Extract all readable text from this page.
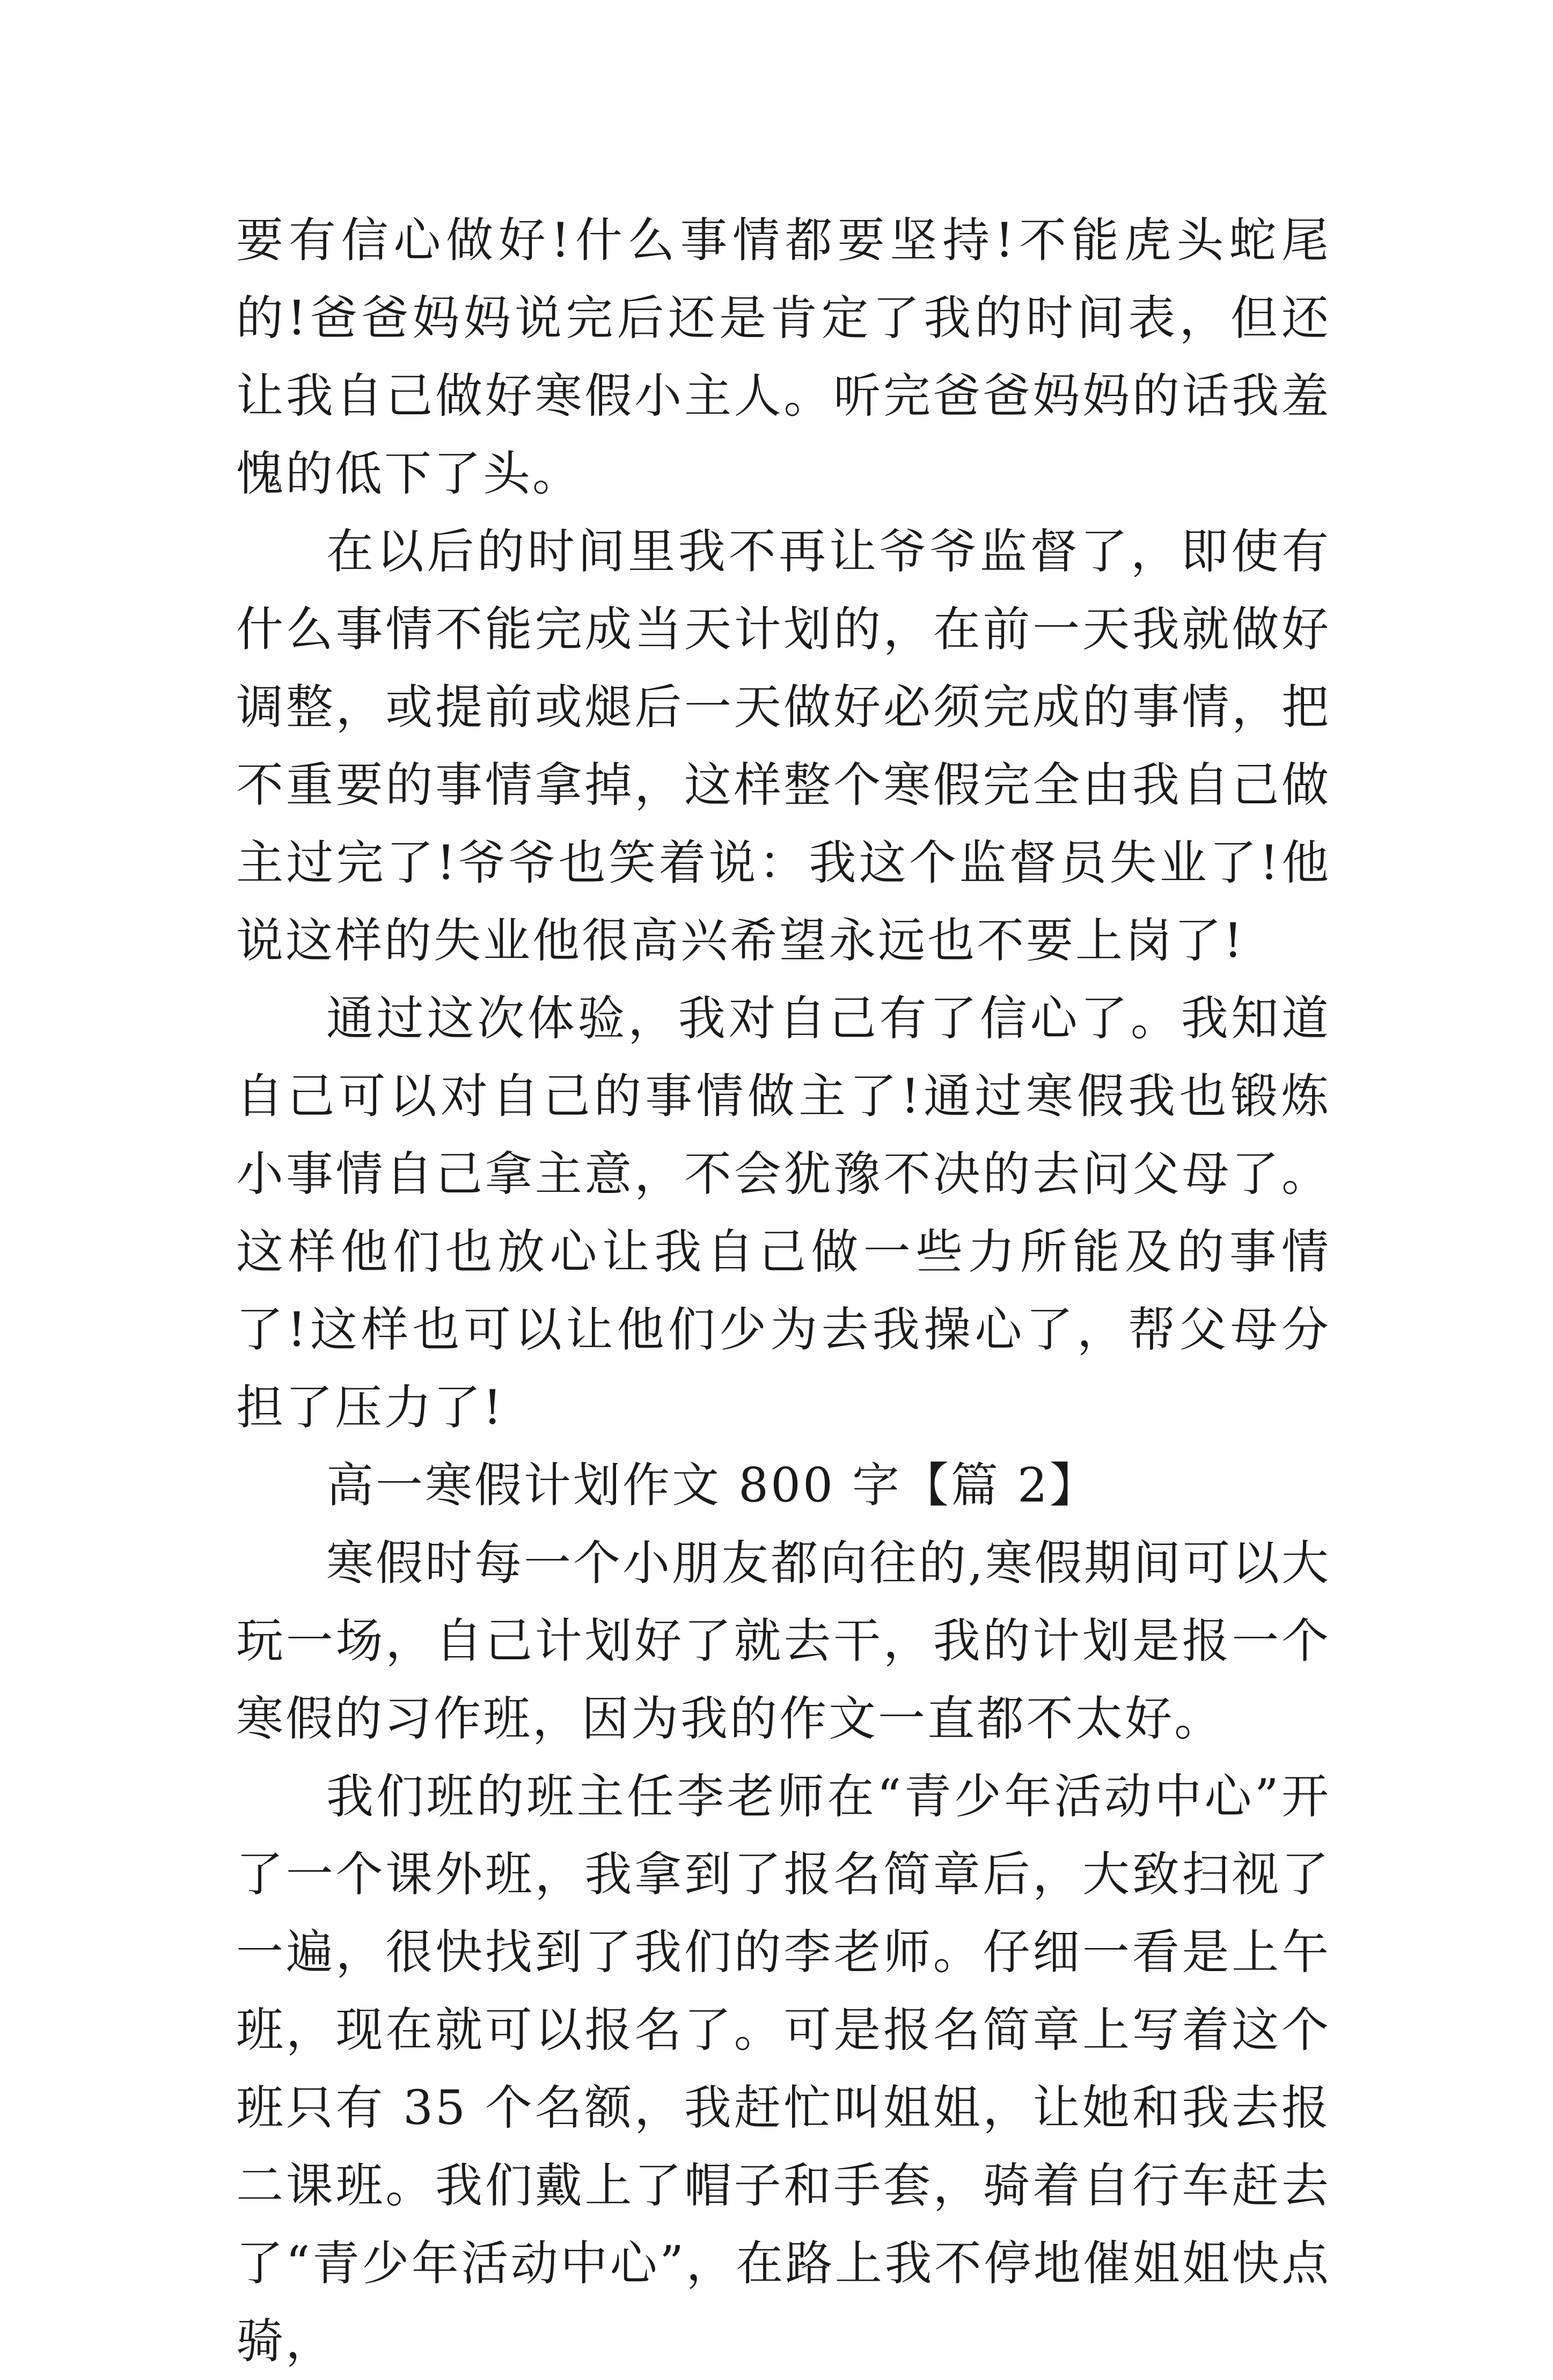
要有信心做好!什么事情都要坚持!不能虎头蛇尾的!爸爸妈妈说完后还是肯定了我的时间表，但还让我自己做好寒假小主人。听完爸爸妈妈的话我羞愧的低下了头。

在以后的时间里我不再让爷爷监督了，即使有什么事情不能完成当天计划的，在前一天我就做好调整，或提前或煺后一天做好必须完成的事情，把不重要的事情拿掉，这样整个寒假完全由我自己做主过完了!爷爷也笑着说：我这个监督员失业了!他说这样的失业他很高兴希望永远也不要上岗了!

通过这次体验，我对自己有了信心了。我知道自己可以对自己的事情做主了!通过寒假我也锻炼小事情自己拿主意，不会犹豫不决的去问父母了。这样他们也放心让我自己做一些力所能及的事情了!这样也可以让他们少为去我操心了，帮父母分担了压力了!

高一寒假计划作文 800 字【篇 2】

寒假时每一个小朋友都向往的,寒假期间可以大玩一场，自己计划好了就去干，我的计划是报一个寒假的习作班，因为我的作文一直都不太好。

我们班的班主任李老师在“青少年活动中心”开了一个课外班，我拿到了报名简章后，大致扫视了一遍，很快找到了我们的李老师。仔细一看是上午班，现在就可以报名了。可是报名简章上写着这个班只有 35 个名额，我赶忙叫姐姐，让她和我去报二课班。我们戴上了帽子和手套，骑着自行车赶去了“青少年活动中心”，在路上我不停地催姐姐快点骑，
